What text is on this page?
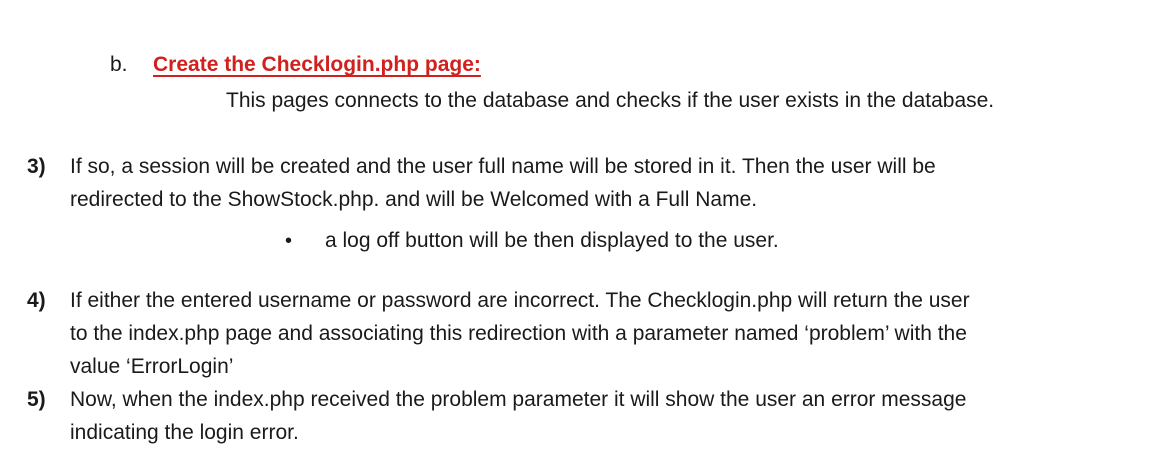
b. Create the Checklogin.php page:
This pages connects to the database and checks if the user exists in the database.
3) If so, a session will be created and the user full name will be stored in it. Then the user will be
redirected to the ShowStock.php. and will be Welcomed with a Full Name.
• a log off button will be then displayed to the user.
4) If either the entered username or password are incorrect. The Checklogin.php will return the user
to the index.php page and associating this redirection with a parameter named ‘problem’ with the
value ‘ErrorLogin’
5) Now, when the index.php received the problem parameter it will show the user an error message
indicating the login error.
